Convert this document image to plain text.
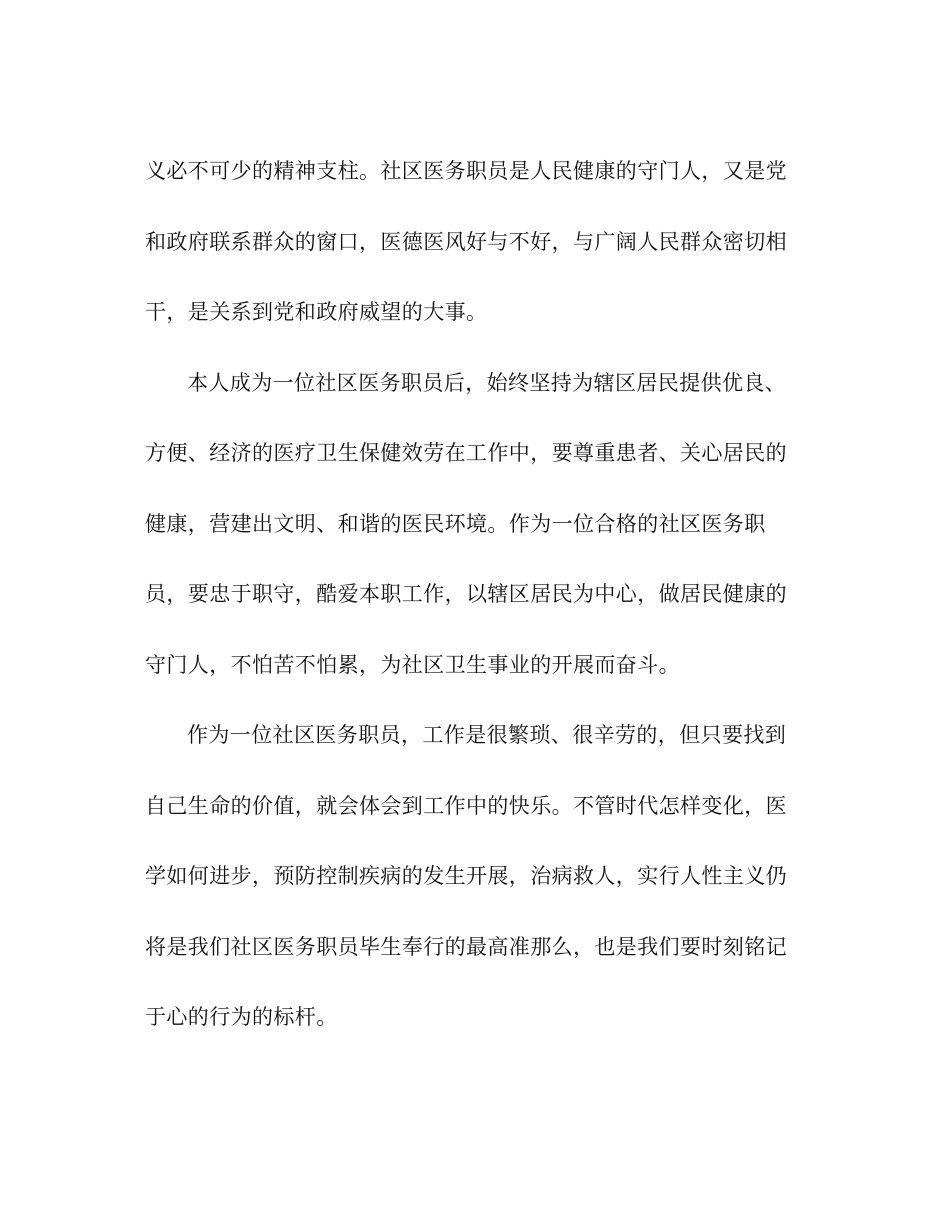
义必不可少的精神支柱。社区医务职员是人民健康的守门人，又是党
和政府联系群众的窗口，医德医风好与不好，与广阔人民群众密切相
干，是关系到党和政府威望的大事。
本人成为一位社区医务职员后，始终坚持为辖区居民提供优良、
方便、经济的医疗卫生保健效劳在工作中，要尊重患者、关心居民的
健康，营建出文明、和谐的医民环境。作为一位合格的社区医务职
员，要忠于职守，酷爱本职工作，以辖区居民为中心，做居民健康的
守门人，不怕苦不怕累，为社区卫生事业的开展而奋斗。
作为一位社区医务职员，工作是很繁琐、很辛劳的，但只要找到
自己生命的价值，就会体会到工作中的快乐。不管时代怎样变化，医
学如何进步，预防控制疾病的发生开展，治病救人，实行人性主义仍
将是我们社区医务职员毕生奉行的最高准那么，也是我们要时刻铭记
于心的行为的标杆。
